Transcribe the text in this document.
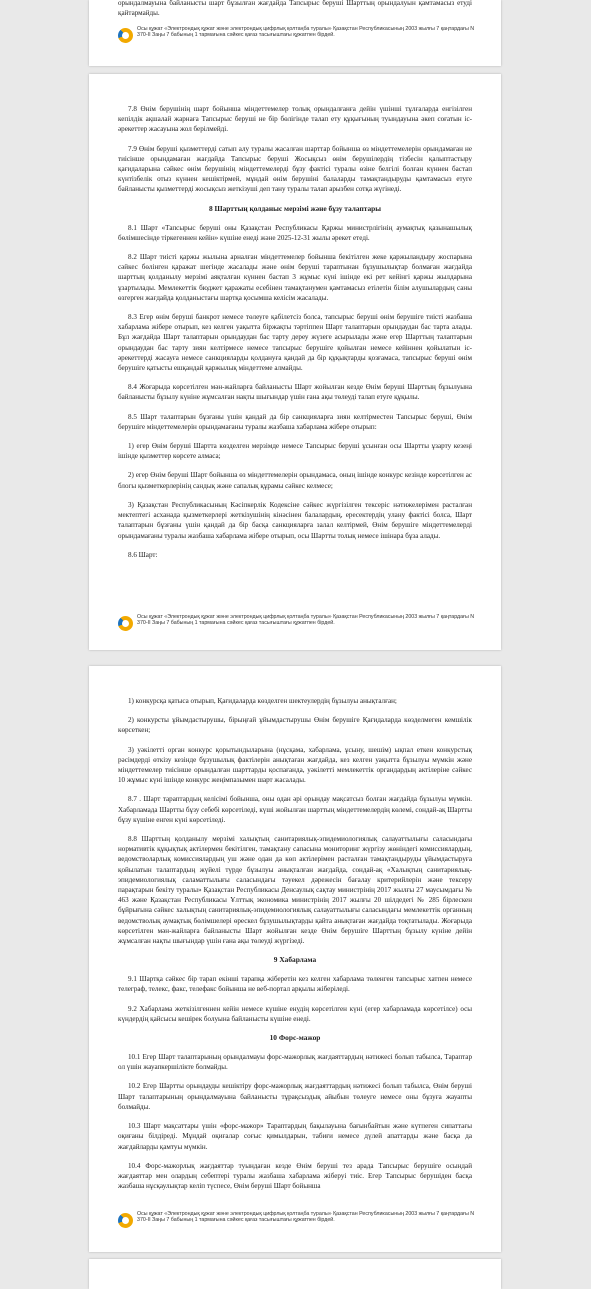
орындалмауына байланысты шарт бұзылған жағдайда Тапсырыс беруші Шарттың орындалуын қамтамасыз етуді қайтармайды.

Осы құжат «Электрондық құжат және электрондық цифрлық қолтаңба туралы» Қазақстан Республикасының 2003 жылғы 7 қаңтардағы N 370-II Заңы 7 бабының 1 тармағына сәйкес қағаз тасығыштағы құжатпен бірдей.

7.8 Өнім берушінің шарт бойынша міндеттемелер толық орындалғанға дейін үшінші тұлғаларда енгізілген кепілдік ақшалай жарнаға Тапсырыс беруші не бір бөлігінде талап ету құқығының туындауына әкеп соғатын іс-әрекеттер жасауына жол берілмейді.

7.9 Өнім беруші қызметтерді сатып алу туралы жасалған шарттар бойынша өз міндеттемелерін орындамаған не тиісінше орындамаған жағдайда Тапсырыс беруші Жосықсыз өнім берушілердің тізбесін қалыптастыру қағидаларына сәйкес өнім берушінің міндеттемелерді бұзу фактісі туралы өзіне белгілі болған күннен бастап күнтізбелік отыз күннен кешіктірмей, мұндай өнім берушіні балаларды тамақтандыруды қамтамасыз етуге байланысты қызметтерді жосықсыз жеткізуші деп тану туралы талап арызбен сотқа жүгінеді.

8 Шарттың қолданыс мерзімі және бұзу талаптары

8.1 Шарт «Тапсырыс беруші оны Қазақстан Республикасы Қаржы министрлігінің аумақтық қазынашылық бөлімшесінде тіркегеннен кейін» күшіне енеді және 2025-12-31 жылы әрекет етеді.

8.2 Шарт тиісті қаржы жылына арналған міндеттемелер бойынша бекітілген жеке қаржыландыру жоспарына сәйкес бөлінген қаражат шегінде жасалады және өнім беруші тараптынан бұзушылықтар болмаған жағдайда шарттың қолданылу мерзімі аяқталған күннен бастап 3 жұмыс күні ішінде екі рет кейінгі қаржы жылдарына ұзартылады. Мемлекеттік бюджет қаражаты есебінен тамақтанумен қамтамасыз етілетін білім алушылардың саны өзгерген жағдайда қолданыстағы шартқа қосымша келісім жасалады.

8.3 Егер өнім беруші банкрот немесе төлеуге қабілетсіз болса, тапсырыс беруші өнім берушіге тиісті жазбаша хабарлама жібере отырып, кез келген уақытта біржақты тәртіппен Шарт талаптарын орындаудан бас тарта алады. Бұл жағдайда Шарт талаптарын орындаудан бас тарту дереу жүзеге асырылады және егер Шарттың талаптарын орындаудан бас тарту зиян келтірмесе немесе тапсырыс берушіге қойылған немесе кейіннен қойылатын іс-әрекеттерді жасауға немесе санкцияларды қолдануға қандай да бір құқықтарды қозғамаса, тапсырыс беруші өнім берушіге қатысты ешқандай қаржылық міндеттеме алмайды.

8.4 Жоғарыда көрсетілген мән-жайларға байланысты Шарт жойылған кезде Өнім беруші Шарттың бұзылуына байланысты бұзылу күніне жұмсалған нақты шығындар үшін ғана ақы төлеуді талап етуге құқылы.

8.5 Шарт талаптарын бұзғаны үшін қандай да бір санкцияларға зиян келтірместен Тапсырыс беруші, Өнім берушіге міндеттемелерін орындамағаны туралы жазбаша хабарлама жібере отырып:

1) егер Өнім беруші Шартта көзделген мерзімде немесе Тапсырыс беруші ұсынған осы Шартты ұзарту кезеңі ішінде қызметтер көрсете алмаса;

2) егер Өнім беруші Шарт бойынша өз міндеттемелерін орындамаса, оның ішінде конкурс кезінде көрсетілген ас блогы қызметкерлерінің сандық және сапалық құрамы сәйкес келмесе;

3) Қазақстан Республикасының Кәсіпкерлік Кодексіне сәйкес жүргізілген тексеріс нәтижелерімен расталған мектептегі асханада қызметкерлері жеткізушінің кінәсінен балалардың, ересектердің улану фактісі болса, Шарт талаптарын бұзғаны үшін қандай да бір басқа санкцияларға залал келтірмей, Өнім берушіге міндеттемелерді орындамағаны туралы жазбаша хабарлама жібере отырып, осы Шартты толық немесе ішінара бұза алады.

8.6 Шарт:

Осы құжат «Электрондық құжат және электрондық цифрлық қолтаңба туралы» Қазақстан Республикасының 2003 жылғы 7 қаңтардағы N 370-II Заңы 7 бабының 1 тармағына сәйкес қағаз тасығыштағы құжатпен бірдей.

1) конкурсқа қатыса отырып, Қағидаларда көзделген шектеулердің бұзылуы анықталған;

2) конкурсты ұйымдастырушы, бірыңғай ұйымдастырушы Өнім берушіге Қағидаларда көзделмеген кемшілік көрсеткен;

3) уәкілетті орган конкурс қорытындыларына (нұсқама, хабарлама, ұсыну, шешім) ықпал еткен конкурстық рәсімдерді өткізу кезінде бұзушылық фактілерін анықтаған жағдайда, кез келген уақытта бұзылуы мүмкін және міндеттемелер тиісінше орындалған шарттарды қоспағанда, уәкілетті мемлекеттік органдардың актілеріне сәйкес 10 жұмыс күні ішінде конкурс жеңімпазымен шарт жасалады.

8.7 . Шарт тараптардың келісімі бойынша, оны одан әрі орындау мақсатсыз болған жағдайда бұзылуы мүмкін. Хабарламада Шартты бұзу себебі көрсетіледі, күші жойылған шарттың міндеттемелердің көлемі, сондай-ақ Шартты бұзу күшіне енген күні көрсетіледі.

8.8 Шарттың қолданылу мерзімі халықтың санитариялық-эпидемиологиялық салауаттылығы саласындағы нормативтік құқықтық актілермен бекітілген, тамақтану сапасына мониторинг жүргізу жөніндегі комиссиялардың, ведомстволарлық комиссиялардың уш және одан да көп актілерімен расталған тамақтандыруды ұйымдастыруға қойылатын талаптардың жүйелі түрде бұзылуы анықталған жағдайда, сондай-ақ «Халықтың санитариялық-эпидемиологиялық саламаттылығы саласындағы тәуекел дәрежесін бағалау критерийлерін және тексеру парақтарын бекіту туралы» Қазақстан Республикасы Денсаулық сақтау министрінің 2017 жылғы 27 маусымдағы № 463 және Қазақстан Республикасы Ұлттық экономика министрінің 2017 жылғы 20 шілдедегі № 285 бірлескен бұйрығына сәйкес халықтың санитариялық-эпидемиологиялық салауаттылығы саласындағы мемлекеттік органның ведомстволық аумақтық бөлімшелері өрескел бұзушылықтарды қайта анықтаған жағдайда тоқтатылады. Жоғарыда көрсетілген мән-жайларға байланысты Шарт жойылған кезде Өнім берушіге Шарттың бұзылу күніне дейін жұмсалған нақты шығындар үшін ғана ақы төлеуді жүргізеді.

9 Хабарлама

9.1 Шартқа сәйкес бір тарап екінші тарапқа жіберетін кез келген хабарлама төленген тапсырыс хатпен немесе телеграф, телекс, факс, телефакс бойынша не веб-портал арқылы жіберіледі.

9.2 Хабарлама жеткізілгеннен кейін немесе күшіне енудің көрсетілген күні (егер хабарламада көрсетілсе) осы күндердің қайсысы кешірек болуына байланысты күшіне енеді.

10 Форс-мажор

10.1 Егер Шарт талаптарының орындалмауы форс-мажорлық жағдаяттардың нәтижесі болып табылса, Тараптар ол үшін жауапкершілікте болмайды.

10.2 Егер Шартты орындауды кешіктіру форс-мажорлық жағдаяттардың нәтижесі болып табылса, Өнім беруші Шарт талаптарының орындалмауына байланысты тұрақсыздық айыбын төлеуге немесе оны бұзуға жауапты болмайды.

10.3 Шарт мақсаттары үшін «форс-мажор» Тараптардың бақылауына бағынбайтын және күтпеген сипаттағы оқиғаны білдіреді. Мұндай оқиғалар соғыс қимылдарын, табиғи немесе дүлей апаттарды және басқа да жағдайларды қамтуы мүмкін.

10.4 Форс-мажорлық жағдаяттар туындаған кезде Өнім беруші тез арада Тапсырыс берушіге осындай жағдаяттар мен олардың себептері туралы жазбаша хабарлама жіберуі тиіс. Егер Тапсырыс берушіден басқа жазбаша нұсқаулықтар келіп түспесе, Өнім беруші Шарт бойынша

Осы құжат «Электрондық құжат және электрондық цифрлық қолтаңба туралы» Қазақстан Республикасының 2003 жылғы 7 қаңтардағы N 370-II Заңы 7 бабының 1 тармағына сәйкес қағаз тасығыштағы құжатпен бірдей.
